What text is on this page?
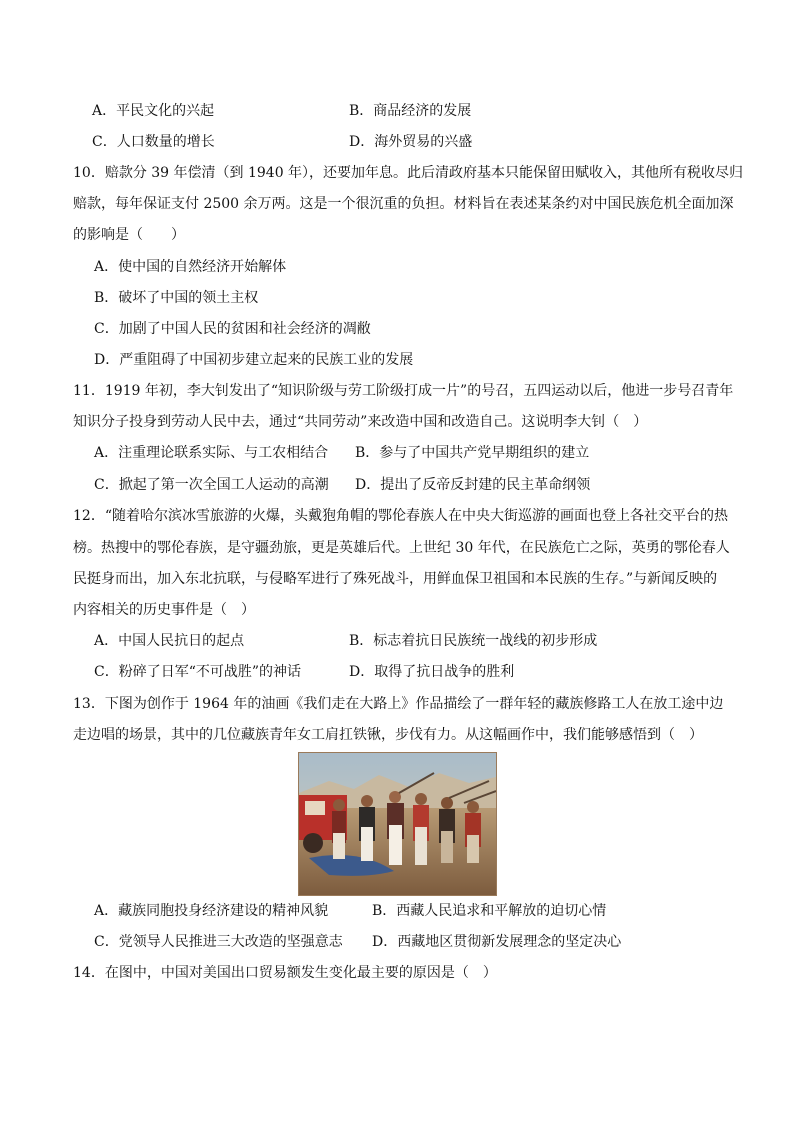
A．平民文化的兴起	B．商品经济的发展
C．人口数量的增长	D．海外贸易的兴盛
10．赔款分 39 年偿清（到 1940 年），还要加年息。此后清政府基本只能保留田赋收入，其他所有税收尽归
赔款，每年保证支付 2500 余万两。这是一个很沉重的负担。材料旨在表述某条约对中国民族危机全面加深
的影响是（　　）
A．使中国的自然经济开始解体
B．破坏了中国的领土主权
C．加剧了中国人民的贫困和社会经济的凋敝
D．严重阻碍了中国初步建立起来的民族工业的发展
11．1919 年初，李大钊发出了“知识阶级与劳工阶级打成一片”的号召，五四运动以后，他进一步号召青年
知识分子投身到劳动人民中去，通过“共同劳动”来改造中国和改造自己。这说明李大钊（　）
A．注重理论联系实际、与工农相结合 B．参与了中国共产党早期组织的建立
C．掀起了第一次全国工人运动的高潮 D．提出了反帝反封建的民主革命纲领
12．“随着哈尔滨冰雪旅游的火爆，头戴狍角帽的鄂伦春族人在中央大街巡游的画面也登上各社交平台的热
榜。热搜中的鄂伦春族，是守疆劲旅，更是英雄后代。上世纪 30 年代，在民族危亡之际，英勇的鄂伦春人
民挺身而出，加入东北抗联，与侵略军进行了殊死战斗，用鲜血保卫祖国和本民族的生存。”与新闻反映的
内容相关的历史事件是（　）
A．中国人民抗日的起点	B．标志着抗日民族统一战线的初步形成
C．粉碎了日军“不可战胜”的神话	D．取得了抗日战争的胜利
13．下图为创作于 1964 年的油画《我们走在大路上》作品描绘了一群年轻的藏族修路工人在放工途中边
走边唱的场景，其中的几位藏族青年女工肩扛铁锹，步伐有力。从这幅画作中，我们能够感悟到（　）
A．藏族同胞投身经济建设的精神风貌	B．西藏人民追求和平解放的迫切心情
C．党领导人民推进三大改造的坚强意志 D．西藏地区贯彻新发展理念的坚定决心
14．在图中，中国对美国出口贸易额发生变化最主要的原因是（　）
